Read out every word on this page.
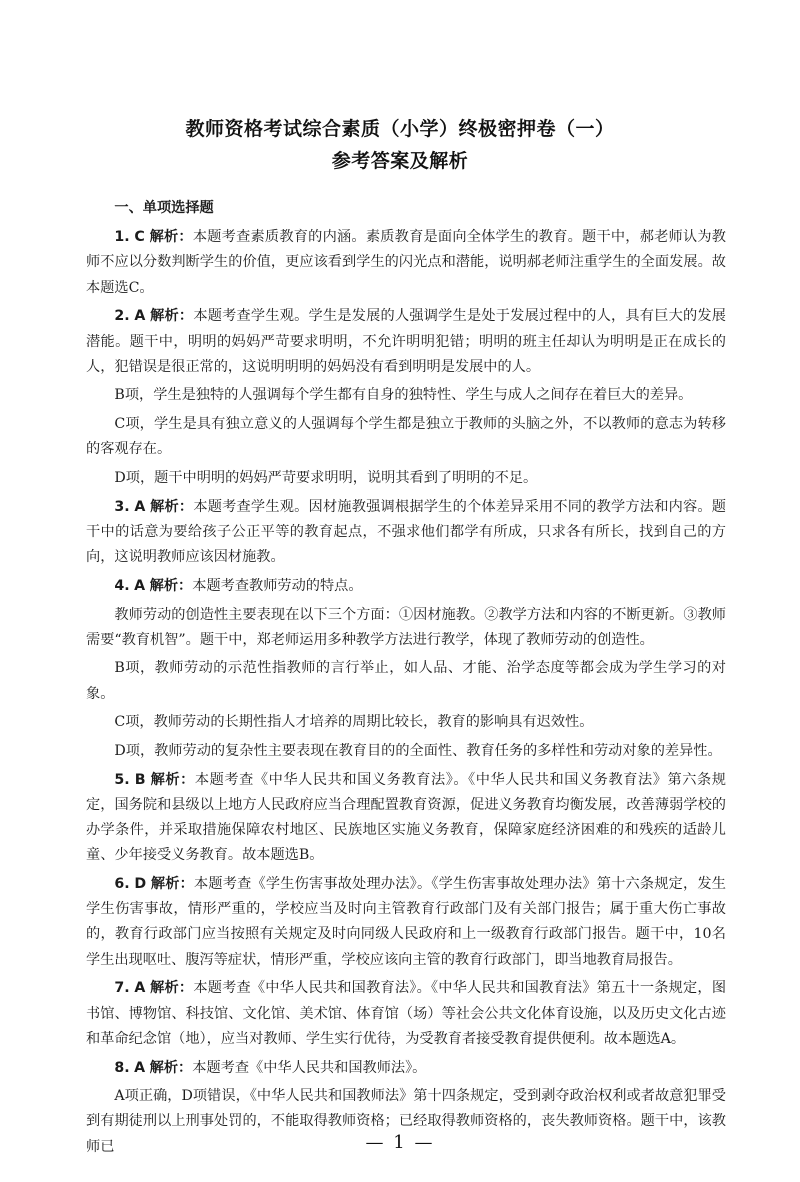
教师资格考试综合素质（小学）终极密押卷（一）
参考答案及解析

一、单项选择题

1. C 解析：本题考查素质教育的内涵。素质教育是面向全体学生的教育。题干中，郝老师认为教师不应以分数判断学生的价值，更应该看到学生的闪光点和潜能，说明郝老师注重学生的全面发展。故本题选C。

2. A 解析：本题考查学生观。学生是发展的人强调学生是处于发展过程中的人，具有巨大的发展潜能。题干中，明明的妈妈严苛要求明明，不允许明明犯错；明明的班主任却认为明明是正在成长的人，犯错误是很正常的，这说明明明的妈妈没有看到明明是发展中的人。

B项，学生是独特的人强调每个学生都有自身的独特性、学生与成人之间存在着巨大的差异。

C项，学生是具有独立意义的人强调每个学生都是独立于教师的头脑之外，不以教师的意志为转移的客观存在。

D项，题干中明明的妈妈严苛要求明明，说明其看到了明明的不足。

3. A 解析：本题考查学生观。因材施教强调根据学生的个体差异采用不同的教学方法和内容。题干中的话意为要给孩子公正平等的教育起点，不强求他们都学有所成，只求各有所长，找到自己的方向，这说明教师应该因材施教。

4. A 解析：本题考查教师劳动的特点。

教师劳动的创造性主要表现在以下三个方面：①因材施教。②教学方法和内容的不断更新。③教师需要“教育机智”。题干中，郑老师运用多种教学方法进行教学，体现了教师劳动的创造性。

B项，教师劳动的示范性指教师的言行举止，如人品、才能、治学态度等都会成为学生学习的对象。

C项，教师劳动的长期性指人才培养的周期比较长，教育的影响具有迟效性。

D项，教师劳动的复杂性主要表现在教育目的的全面性、教育任务的多样性和劳动对象的差异性。

5. B 解析：本题考查《中华人民共和国义务教育法》。《中华人民共和国义务教育法》第六条规定，国务院和县级以上地方人民政府应当合理配置教育资源，促进义务教育均衡发展，改善薄弱学校的办学条件，并采取措施保障农村地区、民族地区实施义务教育，保障家庭经济困难的和残疾的适龄儿童、少年接受义务教育。故本题选B。

6. D 解析：本题考查《学生伤害事故处理办法》。《学生伤害事故处理办法》第十六条规定，发生学生伤害事故，情形严重的，学校应当及时向主管教育行政部门及有关部门报告；属于重大伤亡事故的，教育行政部门应当按照有关规定及时向同级人民政府和上一级教育行政部门报告。题干中，10名学生出现呕吐、腹泻等症状，情形严重，学校应该向主管的教育行政部门，即当地教育局报告。

7. A 解析：本题考查《中华人民共和国教育法》。《中华人民共和国教育法》第五十一条规定，图书馆、博物馆、科技馆、文化馆、美术馆、体育馆（场）等社会公共文化体育设施，以及历史文化古迹和革命纪念馆（地），应当对教师、学生实行优待，为受教育者接受教育提供便利。故本题选A。

8. A 解析：本题考查《中华人民共和国教师法》。

A项正确，D项错误，《中华人民共和国教师法》第十四条规定，受到剥夺政治权利或者故意犯罪受到有期徒刑以上刑事处罚的，不能取得教师资格；已经取得教师资格的，丧失教师资格。题干中，该教师已	— 1 —
